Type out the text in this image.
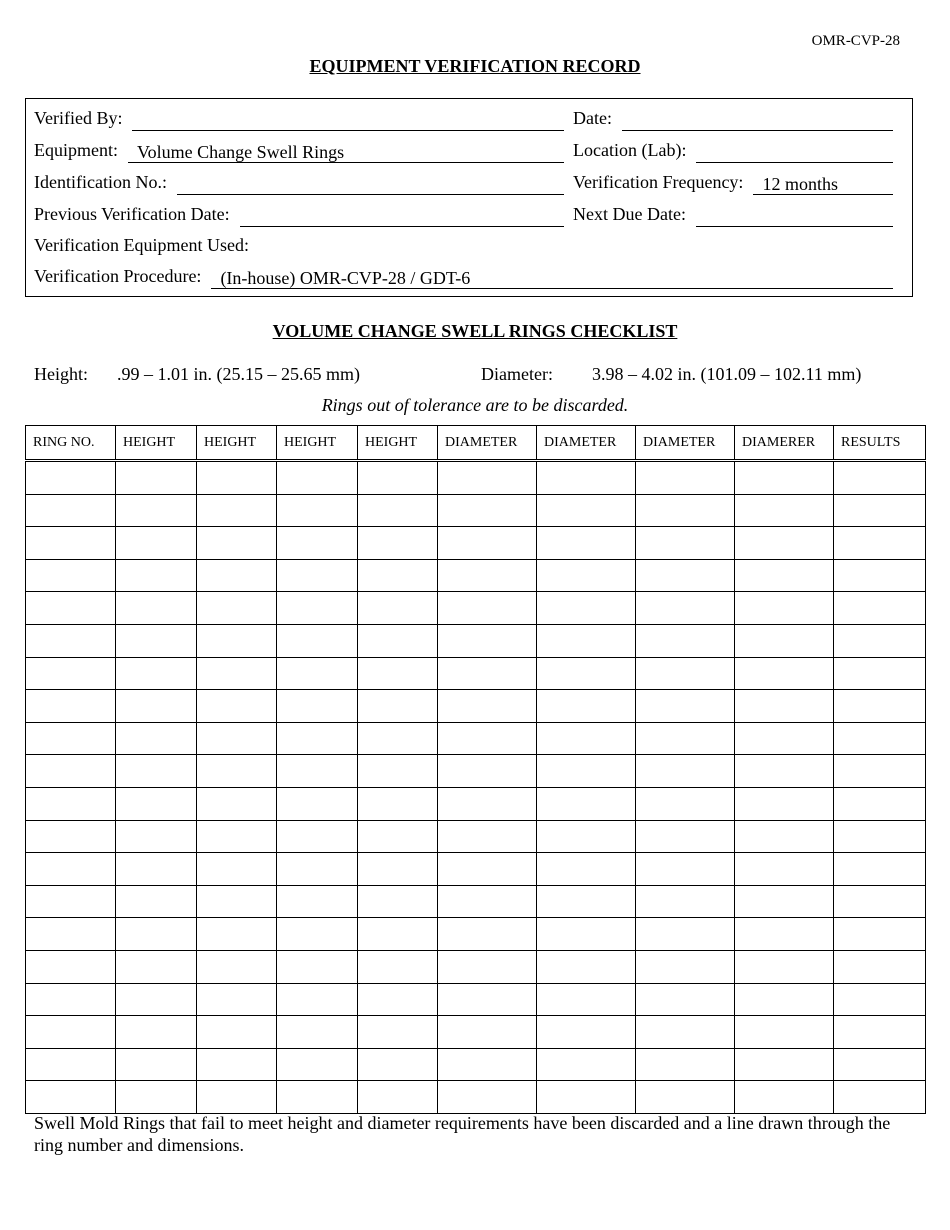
OMR-CVP-28
EQUIPMENT VERIFICATION RECORD
Verified By:	Date:
Equipment:	Volume Change Swell Rings	Location (Lab):
Identification No.:	Verification Frequency:	12 months
Previous Verification Date:	Next Due Date:
Verification Equipment Used:
Verification Procedure:	(In-house) OMR-CVP-28 / GDT-6
VOLUME CHANGE SWELL RINGS CHECKLIST
Height: .99 – 1.01 in. (25.15 – 25.65 mm)	Diameter: 3.98 – 4.02 in. (101.09 – 102.11 mm)
Rings out of tolerance are to be discarded.
RING NO.	HEIGHT	HEIGHT	HEIGHT	HEIGHT	DIAMETER	DIAMETER	DIAMETER	DIAMERER	RESULTS

Swell Mold Rings that fail to meet height and diameter requirements have been discarded and a line drawn through the ring number and dimensions.
